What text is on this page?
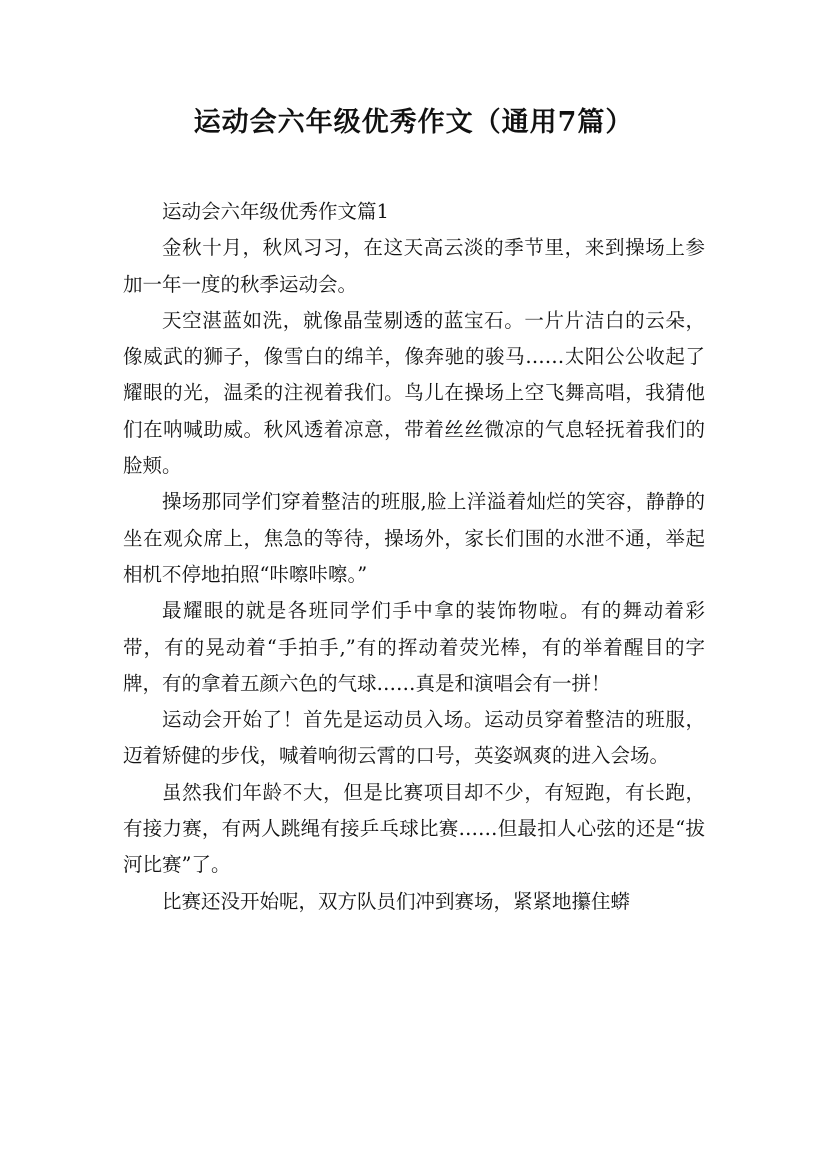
运动会六年级优秀作文（通用7篇）

运动会六年级优秀作文篇1

金秋十月，秋风习习，在这天高云淡的季节里，来到操场上参加一年一度的秋季运动会。

天空湛蓝如洗，就像晶莹剔透的蓝宝石。一片片洁白的云朵，像威武的狮子，像雪白的绵羊，像奔驰的骏马……太阳公公收起了耀眼的光，温柔的注视着我们。鸟儿在操场上空飞舞高唱，我猜他们在呐喊助威。秋风透着凉意，带着丝丝微凉的气息轻抚着我们的脸颊。

操场那同学们穿着整洁的班服,脸上洋溢着灿烂的笑容，静静的坐在观众席上，焦急的等待，操场外，家长们围的水泄不通，举起相机不停地拍照“咔嚓咔嚓。”

最耀眼的就是各班同学们手中拿的装饰物啦。有的舞动着彩带，有的晃动着“手拍手,”有的挥动着荧光棒，有的举着醒目的字牌，有的拿着五颜六色的气球……真是和演唱会有一拼！

运动会开始了！首先是运动员入场。运动员穿着整洁的班服，迈着矫健的步伐，喊着响彻云霄的口号，英姿飒爽的进入会场。

虽然我们年龄不大，但是比赛项目却不少，有短跑，有长跑，有接力赛，有两人跳绳有接乒乓球比赛……但最扣人心弦的还是“拔河比赛”了。

比赛还没开始呢，双方队员们冲到赛场，紧紧地攥住蟒
